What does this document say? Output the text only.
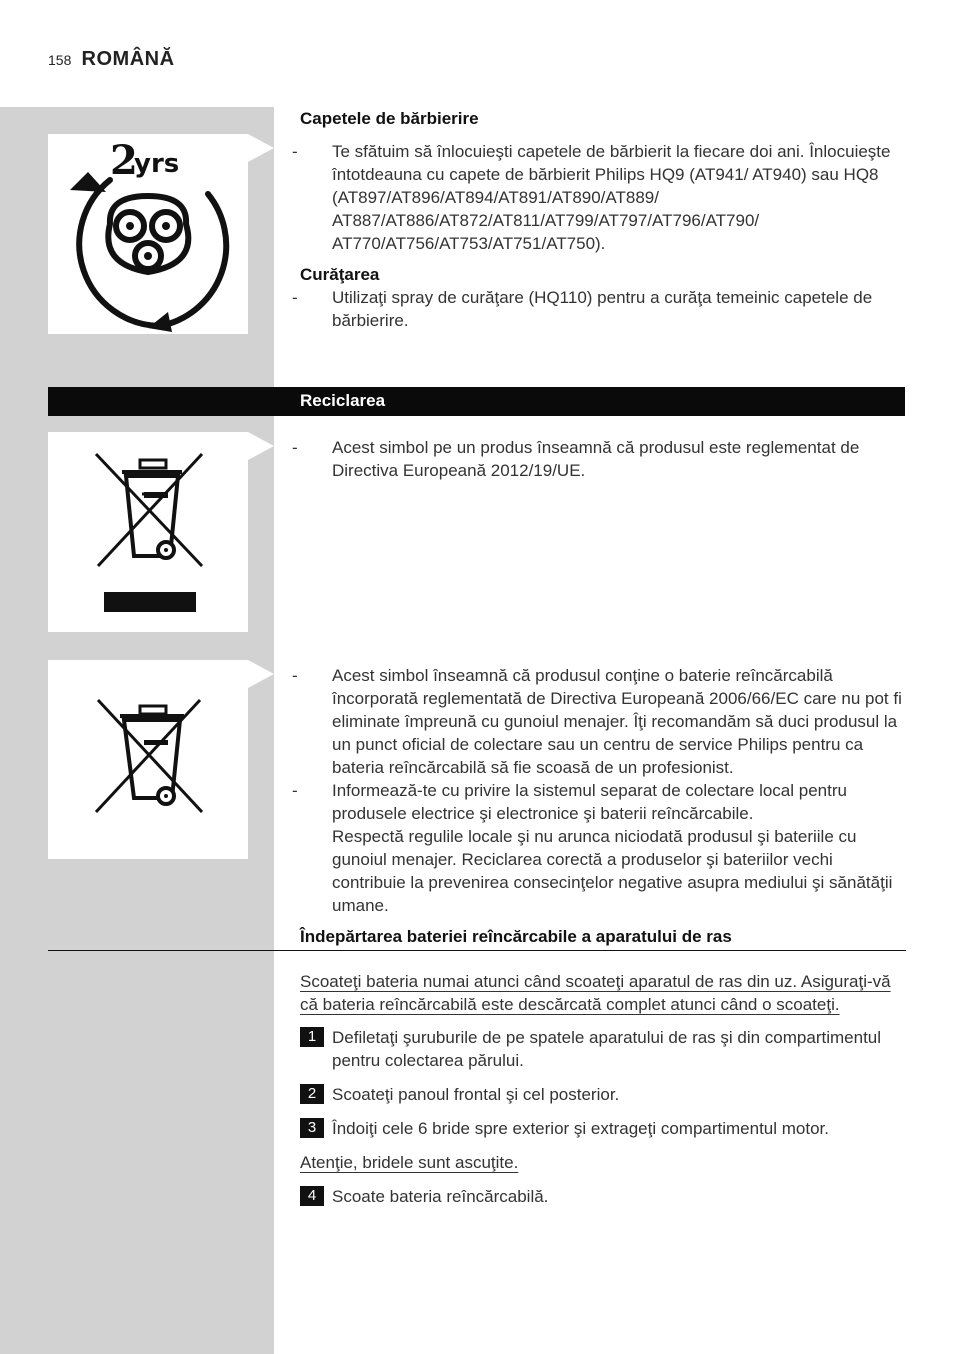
158 ROMÂNĂ
2
yrs
Capetele de bărbierire
- Te sfătuim să înlocuieşti capetele de bărbierit la fiecare doi ani. Înlocuieşte întotdeauna cu capete de bărbierit Philips HQ9 (AT941/ AT940) sau HQ8 (AT897/AT896/AT894/AT891/AT890/AT889/ AT887/AT886/AT872/AT811/AT799/AT797/AT796/AT790/ AT770/AT756/AT753/AT751/AT750).
Curăţarea
- Utilizaţi spray de curăţare (HQ110) pentru a curăţa temeinic capetele de bărbierire.
Reciclarea
- Acest simbol pe un produs înseamnă că produsul este reglementat de Directiva Europeană 2012/19/UE.
- Acest simbol înseamnă că produsul conţine o baterie reîncărcabilă încorporată reglementată de Directiva Europeană 2006/66/EC care nu pot fi eliminate împreună cu gunoiul menajer. Îţi recomandăm să duci produsul la un punct oficial de colectare sau un centru de service Philips pentru ca bateria reîncărcabilă să fie scoasă de un profesionist.
- Informează-te cu privire la sistemul separat de colectare local pentru produsele electrice şi electronice şi baterii reîncărcabile.
Respectă regulile locale şi nu arunca niciodată produsul şi bateriile cu gunoiul menajer. Reciclarea corectă a produselor şi bateriilor vechi contribuie la prevenirea consecinţelor negative asupra mediului şi sănătăţii umane.
Îndepărtarea bateriei reîncărcabile a aparatului de ras
Scoateţi bateria numai atunci când scoateţi aparatul de ras din uz. Asiguraţi-vă că bateria reîncărcabilă este descărcată complet atunci când o scoateţi.
1 Defiletaţi şuruburile de pe spatele aparatului de ras şi din compartimentul pentru colectarea părului.
2 Scoateţi panoul frontal şi cel posterior.
3 Îndoiţi cele 6 bride spre exterior şi extrageţi compartimentul motor.
Atenţie, bridele sunt ascuţite.
4 Scoate bateria reîncărcabilă.
